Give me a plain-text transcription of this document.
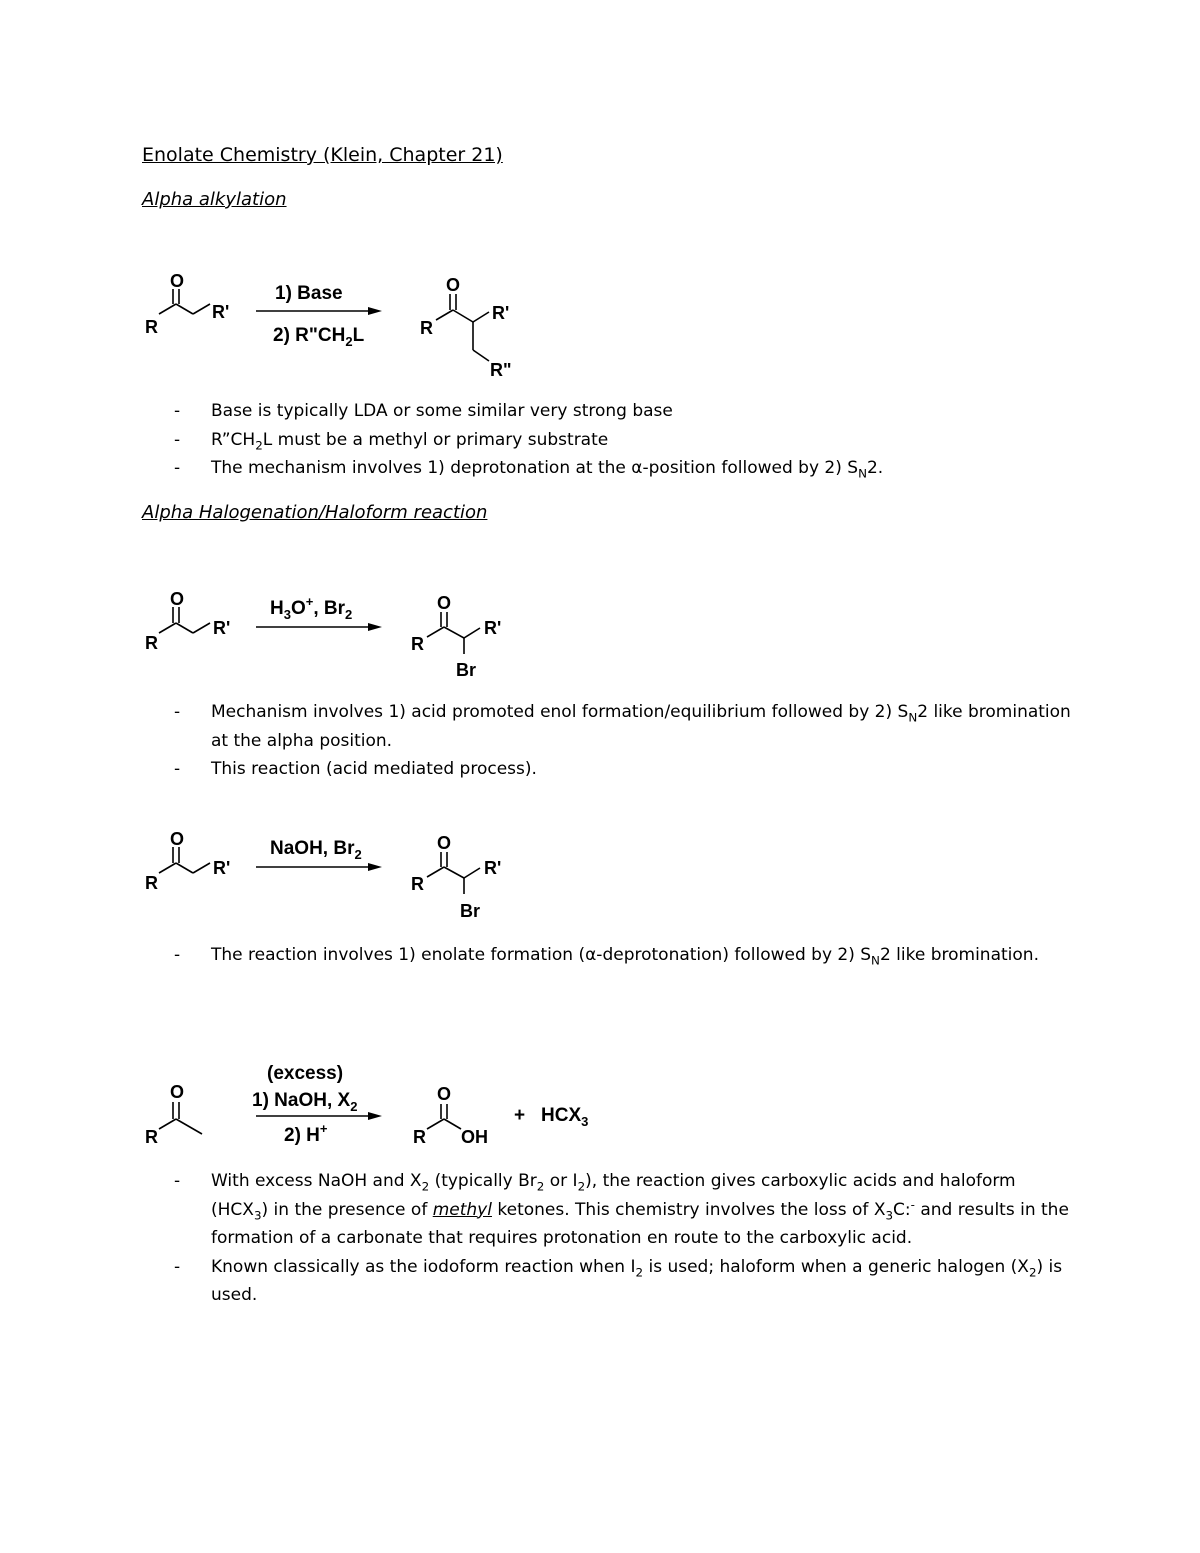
Enolate Chemistry (Klein, Chapter 21)
Alpha alkylation
O
R
R'
1) Base
2) $R"CH_2L$
O
R
R'
R"
- Base is typically LDA or some similar very strong base
- $R”CH_2L$ must be a methyl or primary substrate
- The mechanism involves 1) deprotonation at the α-position followed by 2) $S_N2$.
Alpha Halogenation/Haloform reaction
O
R
R'
$H_3O^+$, $Br_2$
O
R
R'
Br
- Mechanism involves 1) acid promoted enol formation/equilibrium followed by 2) $S_N2$ like bromination at the alpha position.
- This reaction (acid mediated process).
O
R
R'
NaOH, $Br_2$
O
R
R'
Br
- The reaction involves 1) enolate formation (α-deprotonation) followed by 2) $S_N2$ like bromination.
O
R
(excess)
1) NaOH, $X_2$
2) H+
O
R OH
+ $HCX_3$
- With excess NaOH and $X_2$ (typically $Br_2$ or $I_2$), the reaction gives carboxylic acids and haloform $(HCX_3)$ in the presence of methyl ketones. This chemistry involves the loss of $X_3C:^-$ and results in the formation of a carbonate that requires protonation en route to the carboxylic acid.
- Known classically as the iodoform reaction when $I_2$ is used; haloform when a generic halogen $(X_2)$ is used.
